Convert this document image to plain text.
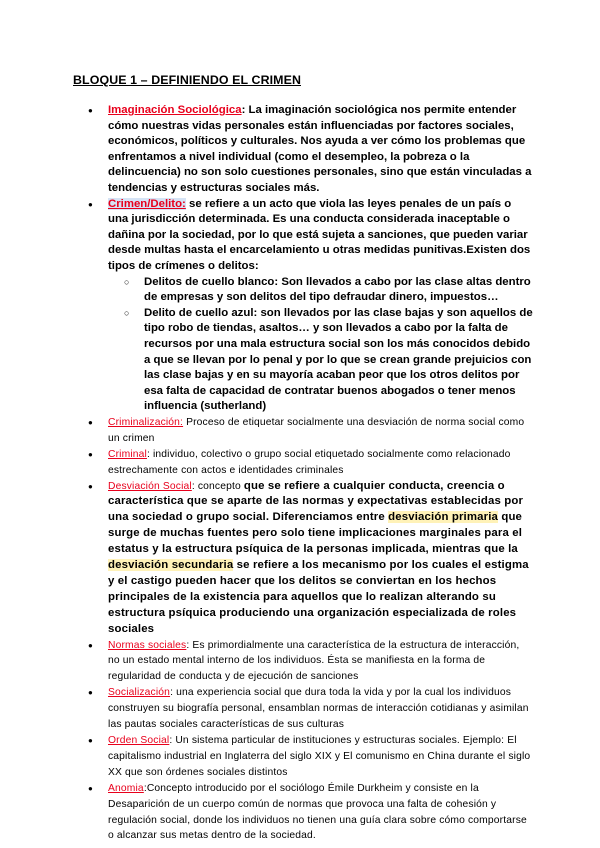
BLOQUE 1 – DEFINIENDO EL CRIMEN
● Imaginación Sociológica: La imaginación sociológica nos permite entender cómo nuestras vidas personales están influenciadas por factores sociales, económicos, políticos y culturales. Nos ayuda a ver cómo los problemas que enfrentamos a nivel individual (como el desempleo, la pobreza o la delincuencia) no son solo cuestiones personales, sino que están vinculadas a tendencias y estructuras sociales más.
● Crimen/Delito: se refiere a un acto que viola las leyes penales de un país o una jurisdicción determinada. Es una conducta considerada inaceptable o dañina por la sociedad, por lo que está sujeta a sanciones, que pueden variar desde multas hasta el encarcelamiento u otras medidas punitivas.Existen dos tipos de crímenes o delitos:
○ Delitos de cuello blanco: Son llevados a cabo por las clase altas dentro de empresas y son delitos del tipo defraudar dinero, impuestos…
○ Delito de cuello azul: son llevados por las clase bajas y son aquellos de tipo robo de tiendas, asaltos… y son llevados a cabo por la falta de recursos por una mala estructura social son los más conocidos debido a que se llevan por lo penal y por lo que se crean grande prejuicios con las clase bajas y en su mayoría acaban peor que los otros delitos por esa falta de capacidad de contratar buenos abogados o tener menos influencia (sutherland)
● Criminalización: Proceso de etiquetar socialmente una desviación de norma social como un crimen
● Criminal: individuo, colectivo o grupo social etiquetado socialmente como relacionado estrechamente con actos e identidades criminales
● Desviación Social: concepto que se refiere a cualquier conducta, creencia o característica que se aparte de las normas y expectativas establecidas por una sociedad o grupo social. Diferenciamos entre desviación primaria que surge de muchas fuentes pero solo tiene implicaciones marginales para el estatus y la estructura psíquica de la personas implicada, mientras que la desviación secundaria se refiere a los mecanismo por los cuales el estigma y el castigo pueden hacer que los delitos se conviertan en los hechos principales de la existencia para aquellos que lo realizan alterando su estructura psíquica produciendo una organización especializada de roles sociales
● Normas sociales: Es primordialmente una característica de la estructura de interacción, no un estado mental interno de los individuos. Ésta se manifiesta en la forma de regularidad de conducta y de ejecución de sanciones
● Socialización: una experiencia social que dura toda la vida y por la cual los individuos construyen su biografía personal, ensamblan normas de interacción cotidianas y asimilan las pautas sociales características de sus culturas
● Orden Social: Un sistema particular de instituciones y estructuras sociales. Ejemplo: El capitalismo industrial en Inglaterra del siglo XIX y El comunismo en China durante el siglo XX que son órdenes sociales distintos
● Anomia:Concepto introducido por el sociólogo Émile Durkheim y consiste en la Desaparición de un cuerpo común de normas que provoca una falta de cohesión y regulación social, donde los individuos no tienen una guía clara sobre cómo comportarse o alcanzar sus metas dentro de la sociedad.
